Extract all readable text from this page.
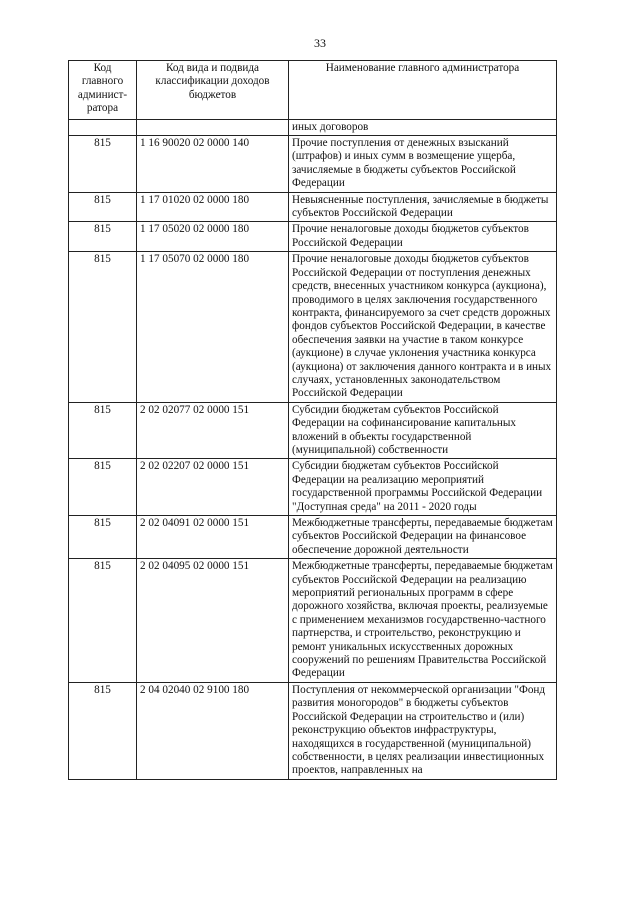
33
Код главного админист-ратора	Код вида и подвида классификации доходов бюджетов	Наименование главного администратора
		иных договоров
815	1 16 90020 02 0000 140	Прочие поступления от денежных взысканий (штрафов) и иных сумм в возмещение ущерба, зачисляемые в бюджеты субъектов Российской Федерации
815	1 17 01020 02 0000 180	Невыясненные поступления, зачисляемые в бюджеты субъектов Российской Федерации
815	1 17 05020 02 0000 180	Прочие неналоговые доходы бюджетов субъектов Российской Федерации
815	1 17 05070 02 0000 180	Прочие неналоговые доходы бюджетов субъектов Российской Федерации от поступления денежных средств, внесенных участником конкурса (аукциона), проводимого в целях заключения государственного контракта, финансируемого за счет средств дорожных фондов субъектов Российской Федерации, в качестве обеспечения заявки на участие в таком конкурсе (аукционе) в случае уклонения участника конкурса (аукциона) от заключения данного контракта и в иных случаях, установленных законодательством Российской Федерации
815	2 02 02077 02 0000 151	Субсидии бюджетам субъектов Российской Федерации на софинансирование капитальных вложений в объекты государственной (муниципальной) собственности
815	2 02 02207 02 0000 151	Субсидии бюджетам субъектов Российской Федерации на реализацию мероприятий государственной программы Российской Федерации "Доступная среда" на 2011 - 2020 годы
815	2 02 04091 02 0000 151	Межбюджетные трансферты, передаваемые бюджетам субъектов Российской Федерации на финансовое обеспечение дорожной деятельности
815	2 02 04095 02 0000 151	Межбюджетные трансферты, передаваемые бюджетам субъектов Российской Федерации на реализацию мероприятий региональных программ в сфере дорожного хозяйства, включая проекты, реализуемые с применением механизмов государственно-частного партнерства, и строительство, реконструкцию и ремонт уникальных искусственных дорожных сооружений по решениям Правительства Российской Федерации
815	2 04 02040 02 9100 180	Поступления от некоммерческой организации "Фонд развития моногородов" в бюджеты субъектов Российской Федерации на строительство и (или) реконструкцию объектов инфраструктуры, находящихся в государственной (муниципальной) собственности, в целях реализации инвестиционных проектов, направленных на
